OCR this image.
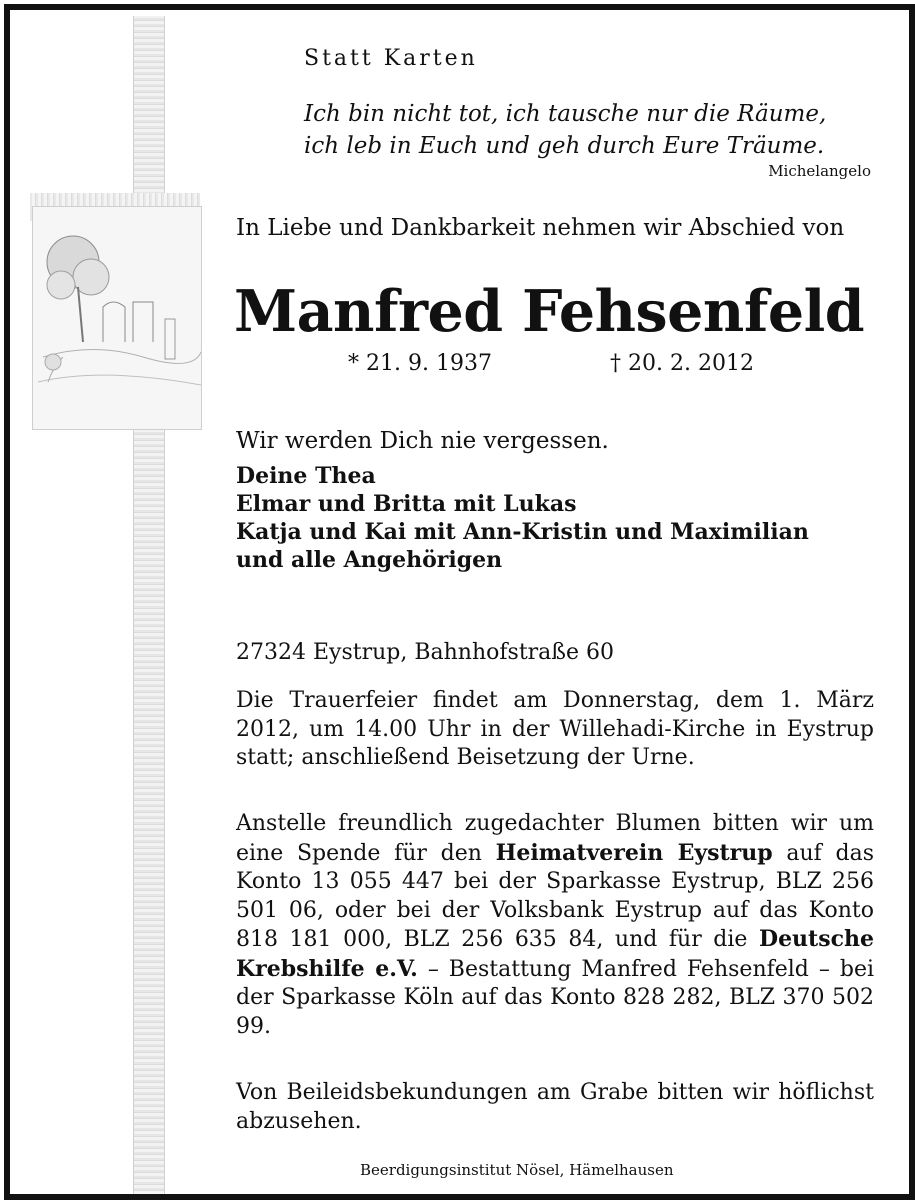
Statt Karten
Ich bin nicht tot, ich tausche nur die Räume,
ich leb in Euch und geh durch Eure Träume.
Michelangelo
In Liebe und Dankbarkeit nehmen wir Abschied von
Manfred Fehsenfeld
* 21. 9. 1937	† 20. 2. 2012
Wir werden Dich nie vergessen.
Deine Thea
Elmar und Britta mit Lukas
Katja und Kai mit Ann-Kristin und Maximilian
und alle Angehörigen
27324 Eystrup, Bahnhofstraße 60
Die Trauerfeier findet am Donnerstag, dem 1. März 2012, um 14.00 Uhr in der Willehadi-Kirche in Eystrup statt; anschließend Beisetzung der Urne.
Anstelle freundlich zugedachter Blumen bitten wir um eine Spende für den Heimatverein Eystrup auf das Konto 13 055 447 bei der Sparkasse Eystrup, BLZ 256 501 06, oder bei der Volksbank Eystrup auf das Konto 818 181 000, BLZ 256 635 84, und für die Deutsche Krebshilfe e.V. – Bestattung Manfred Fehsenfeld – bei der Sparkasse Köln auf das Konto 828 282, BLZ 370 502 99.
Von Beileidsbekundungen am Grabe bitten wir höflichst abzusehen.
Beerdigungsinstitut Nösel, Hämelhausen
